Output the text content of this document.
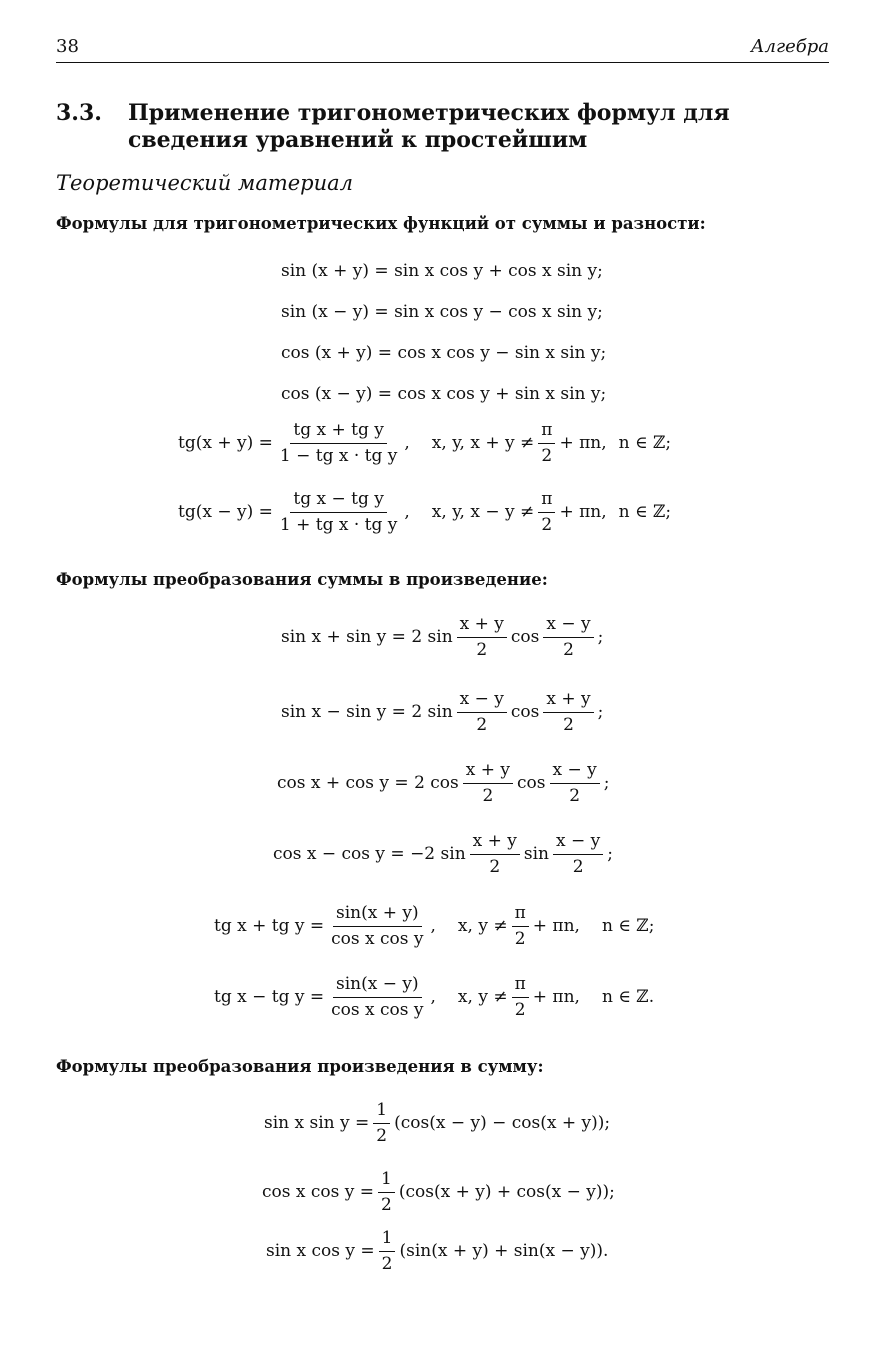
38	Алгебра
3.3. Применение тригонометрических формул для сведения уравнений к простейшим
Теоретический материал
Формулы для тригонометрических функций от суммы и разности:
sin (x + y) = sin x cos y + cos x sin y;
sin (x − y) = sin x cos y − cos x sin y;
cos (x + y) = cos x cos y − sin x sin y;
cos (x − y) = cos x cos y + sin x sin y;
$tg(x + y) = \frac{\text{tg x + tg y}}{\text{1 − tg x · tg y}}$ , x, y, $x + y \ne \frac{\pi}{2} + \pi n$, n ∈ ℤ;
$tg(x - y) = \frac{\text{tg x − tg y}}{\text{1 + tg x · tg y}}$ , x, y, $x - y \ne \frac{\pi}{2} + \pi n$, n ∈ ℤ;
Формулы преобразования суммы в произведение:
sin x + sin y = 2 $\sin \frac{x + y}{2}$ $\cos \frac{x - y}{2}$ ;
sin x − sin y = 2 $\sin \frac{x - y}{2}$ $\cos \frac{x + y}{2}$ ;
cos x + cos y = 2 $\cos \frac{x + y}{2}$ $\cos \frac{x - y}{2}$ ;
cos x − cos y = −2 $\sin \frac{x + y}{2}$ $\sin \frac{x - y}{2}$ ;
tg x + tg $y = \frac{\sin(x + y)}{\text{cos x cos y}}$ , x, $y \ne \frac{\pi}{2} + \pi n$, n ∈ ℤ;
tg x − tg $y = \frac{\sin(x - y)}{\text{cos x cos y}}$ , x, $y \ne \frac{\pi}{2} + \pi n$, n ∈ ℤ.
Формулы преобразования произведения в сумму:
sin x $\sin y = \frac{1}{2} (\cos(x - y) - \cos(x + y))$;
cos x $\cos y = \frac{1}{2} (\cos(x + y) + \cos(x - y))$;
sin x $\cos y = \frac{1}{2} (\sin(x + y) + \sin(x - y))$.
